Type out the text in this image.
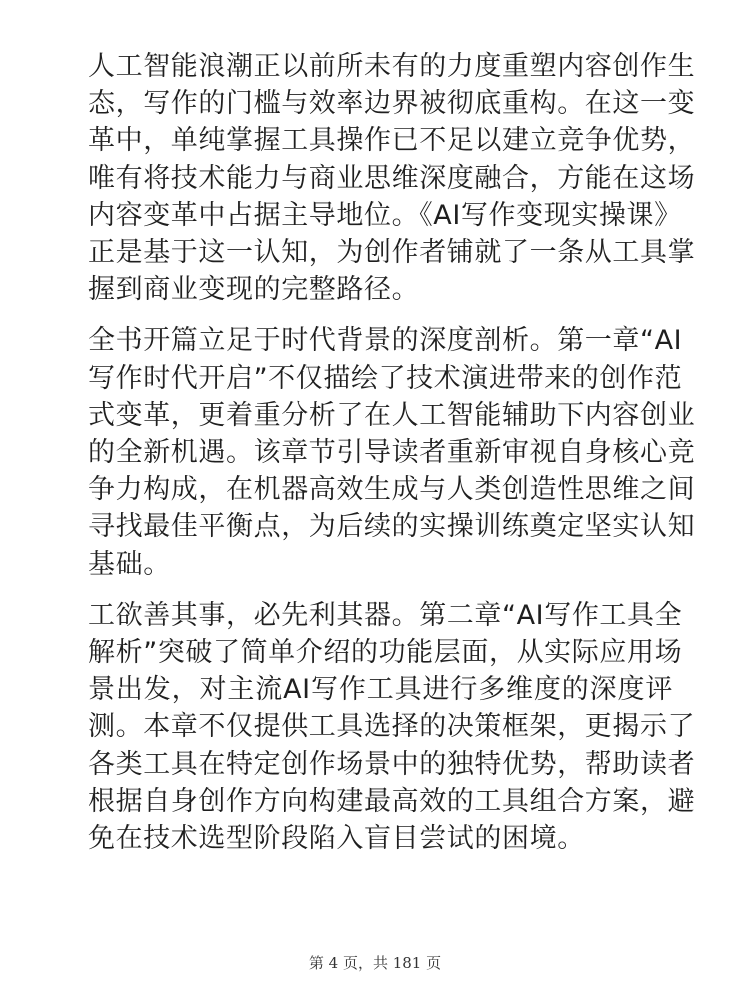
人工智能浪潮正以前所未有的力度重塑内容创作生
态，写作的门槛与效率边界被彻底重构。在这一变
革中，单纯掌握工具操作已不足以建立竞争优势，
唯有将技术能力与商业思维深度融合，方能在这场
内容变革中占据主导地位。《AI写作变现实操课》
正是基于这一认知，为创作者铺就了一条从工具掌
握到商业变现的完整路径。
全书开篇立足于时代背景的深度剖析。第一章“AI
写作时代开启”不仅描绘了技术演进带来的创作范
式变革，更着重分析了在人工智能辅助下内容创业
的全新机遇。该章节引导读者重新审视自身核心竞
争力构成，在机器高效生成与人类创造性思维之间
寻找最佳平衡点，为后续的实操训练奠定坚实认知
基础。
工欲善其事，必先利其器。第二章“AI写作工具全
解析”突破了简单介绍的功能层面，从实际应用场
景出发，对主流AI写作工具进行多维度的深度评
测。本章不仅提供工具选择的决策框架，更揭示了
各类工具在特定创作场景中的独特优势，帮助读者
根据自身创作方向构建最高效的工具组合方案，避
免在技术选型阶段陷入盲目尝试的困境。
第 4 页，共 181 页
